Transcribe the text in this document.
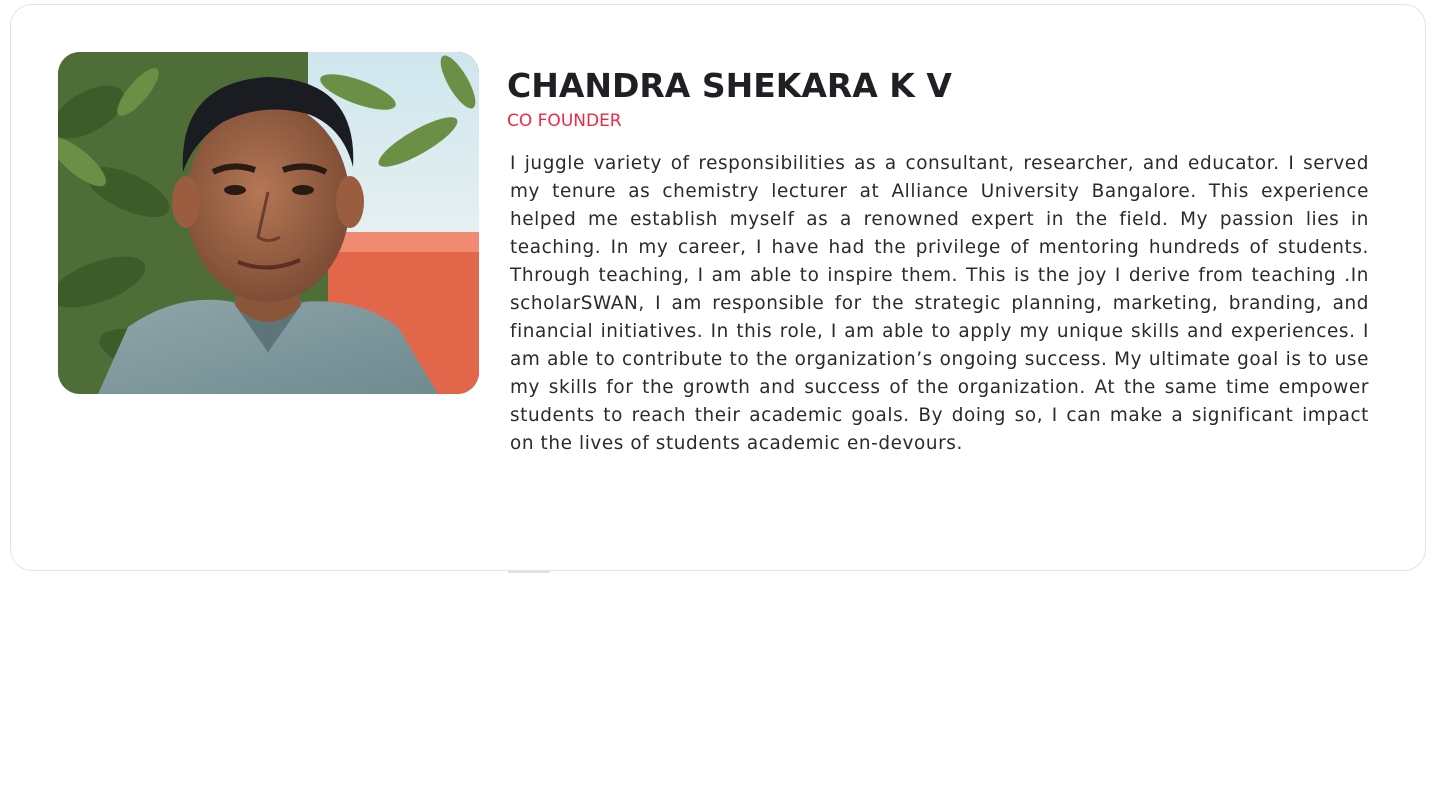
CHANDRA SHEKARA K V
CO FOUNDER

I juggle variety of responsibilities as a consultant, researcher, and educator. I served my tenure as chemistry lecturer at Alliance University Bangalore. This experience helped me establish myself as a renowned expert in the field. My passion lies in teaching. In my career, I have had the privilege of mentoring hundreds of students. Through teaching, I am able to inspire them. This is the joy I derive from teaching .In scholarSWAN, I am responsible for the strategic planning, marketing, branding, and financial initiatives. In this role, I am able to apply my unique skills and experiences. I am able to contribute to the organization’s ongoing success. My ultimate goal is to use my skills for the growth and success of the organization. At the same time empower students to reach their academic goals. By doing so, I can make a significant impact on the lives of students academic en-devours.
